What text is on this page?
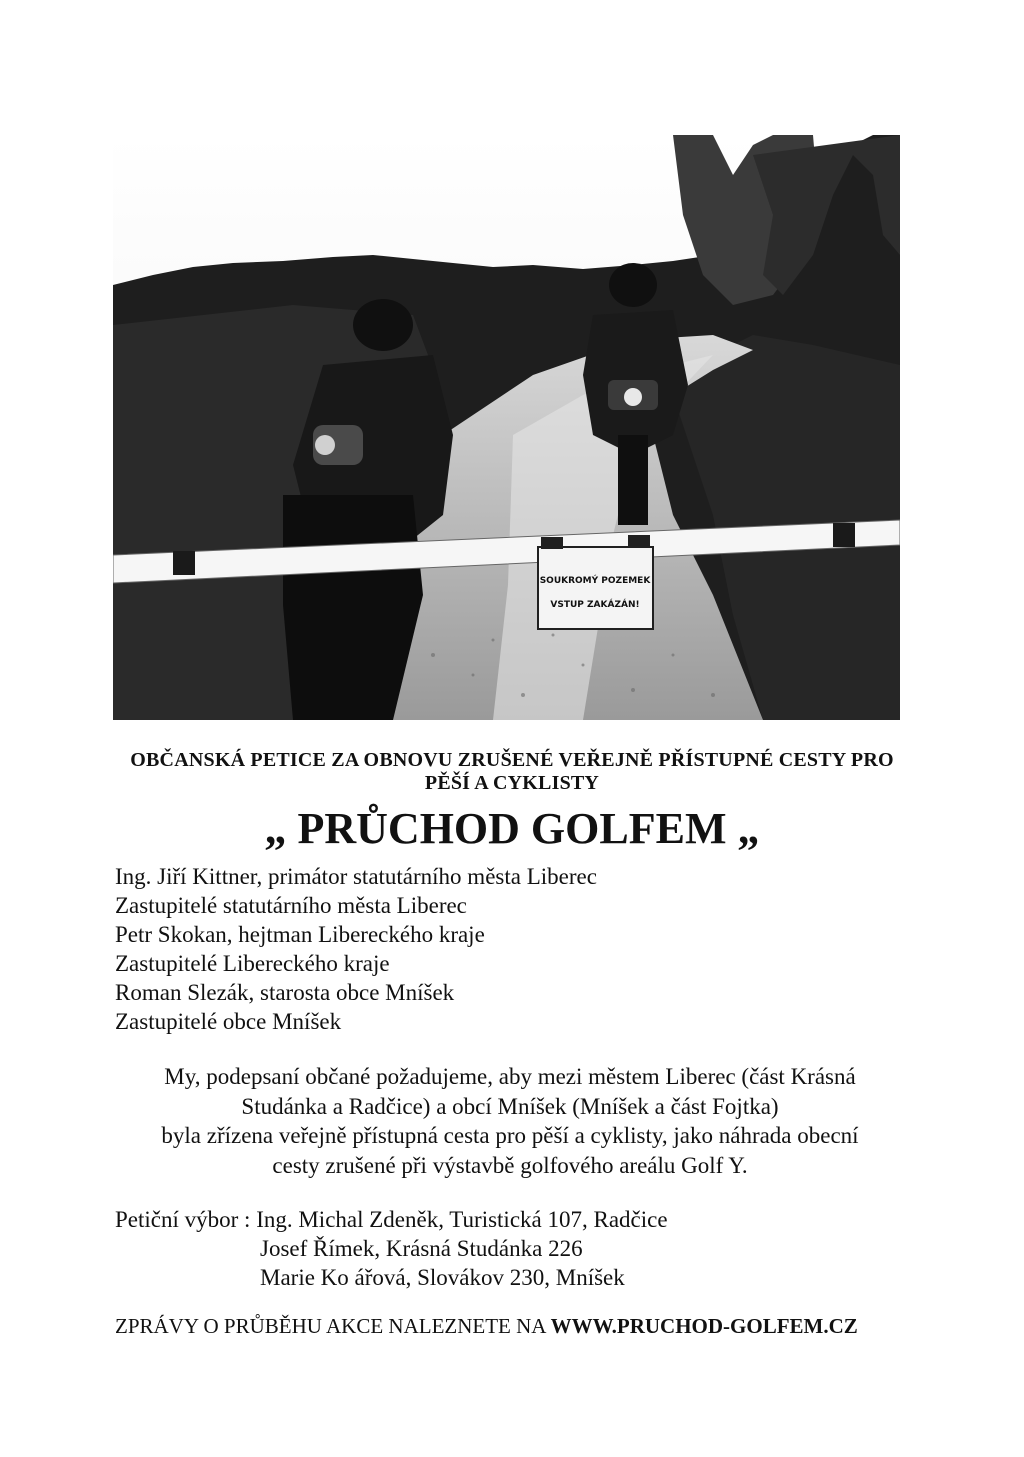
SOUKROMÝ POZEMEK
VSTUP ZAKÁZÁN!
OBČANSKÁ PETICE ZA OBNOVU ZRUŠENÉ VEŘEJNĚ PŘÍSTUPNÉ CESTY PRO
PĚŠÍ A CYKLISTY
„ PRŮCHOD GOLFEM „
Ing. Jiří Kittner, primátor statutárního města Liberec
Zastupitelé statutárního města Liberec
Petr Skokan, hejtman Libereckého kraje
Zastupitelé Libereckého kraje
Roman Slezák, starosta obce Mníšek
Zastupitelé obce Mníšek
My, podepsaní občané požadujeme, aby mezi městem Liberec (část Krásná
Studánka a Radčice) a obcí Mníšek (Mníšek a část Fojtka)
byla zřízena veřejně přístupná cesta pro pěší a cyklisty, jako náhrada obecní
cesty zrušené při výstavbě golfového areálu Golf Y.
Petiční výbor : Ing. Michal Zdeněk, Turistická 107, Radčice
Josef Římek, Krásná Studánka 226
Marie Ko ářová, Slovákov 230, Mníšek
ZPRÁVY O PRŮBĚHU AKCE NALEZNETE NA WWW.PRUCHOD-GOLFEM.CZ
